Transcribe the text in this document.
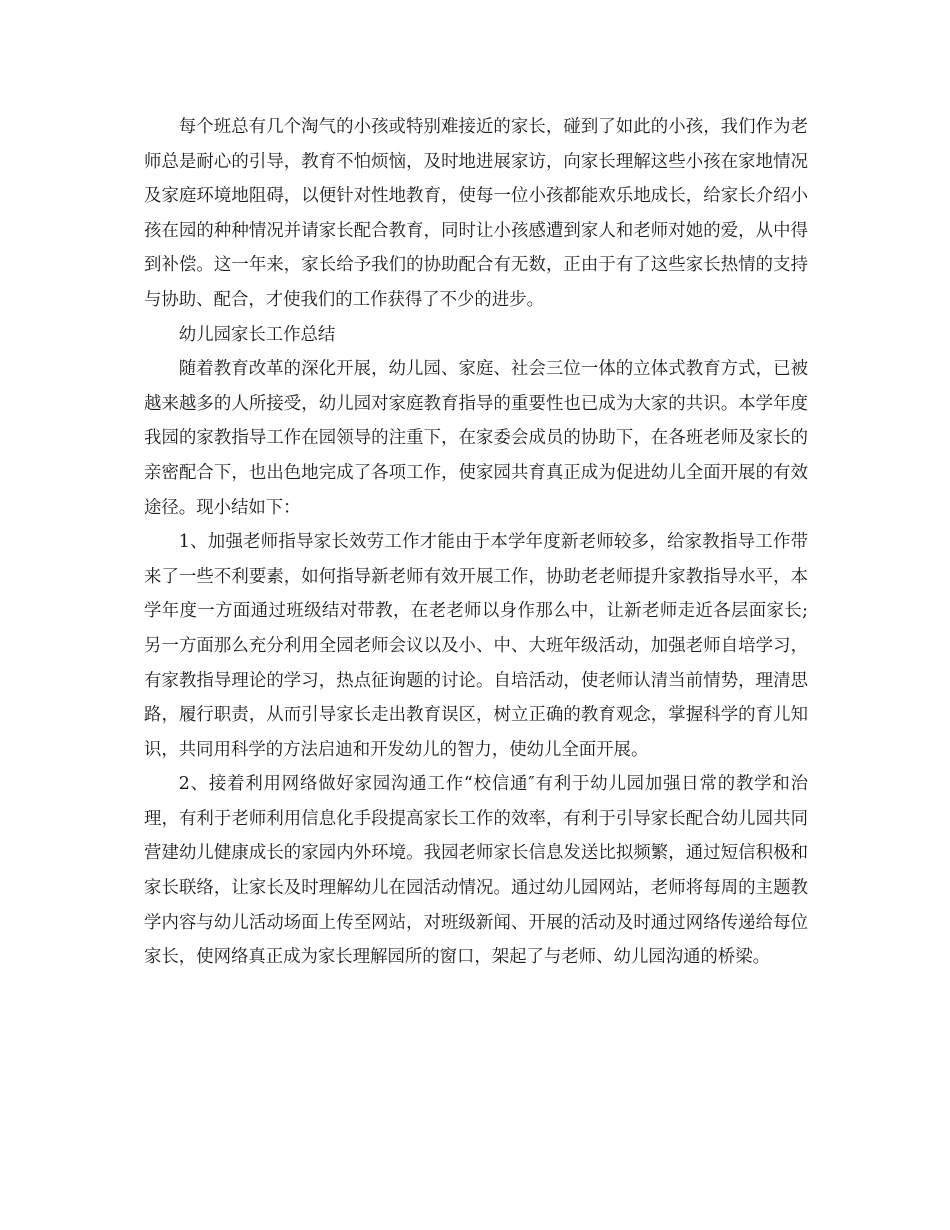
每个班总有几个淘气的小孩或特别难接近的家长，碰到了如此的小孩，我们作为老师总是耐心的引导，教育不怕烦恼，及时地进展家访，向家长理解这些小孩在家地情况及家庭环境地阻碍，以便针对性地教育，使每一位小孩都能欢乐地成长，给家长介绍小孩在园的种种情况并请家长配合教育，同时让小孩感遭到家人和老师对她的爱，从中得到补偿。这一年来，家长给予我们的协助配合有无数，正由于有了这些家长热情的支持与协助、配合，才使我们的工作获得了不少的进步。

幼儿园家长工作总结

随着教育改革的深化开展，幼儿园、家庭、社会三位一体的立体式教育方式，已被越来越多的人所接受，幼儿园对家庭教育指导的重要性也已成为大家的共识。本学年度我园的家教指导工作在园领导的注重下，在家委会成员的协助下，在各班老师及家长的亲密配合下，也出色地完成了各项工作，使家园共育真正成为促进幼儿全面开展的有效途径。现小结如下：

1、加强老师指导家长效劳工作才能由于本学年度新老师较多，给家教指导工作带来了一些不利要素，如何指导新老师有效开展工作，协助老老师提升家教指导水平，本学年度一方面通过班级结对带教，在老老师以身作那么中，让新老师走近各层面家长;另一方面那么充分利用全园老师会议以及小、中、大班年级活动，加强老师自培学习，有家教指导理论的学习，热点征询题的讨论。自培活动，使老师认清当前情势，理清思路，履行职责，从而引导家长走出教育误区，树立正确的教育观念，掌握科学的育儿知识，共同用科学的方法启迪和开发幼儿的智力，使幼儿全面开展。

2、接着利用网络做好家园沟通工作“校信通″有利于幼儿园加强日常的教学和治理，有利于老师利用信息化手段提高家长工作的效率，有利于引导家长配合幼儿园共同营建幼儿健康成长的家园内外环境。我园老师家长信息发送比拟频繁，通过短信积极和家长联络，让家长及时理解幼儿在园活动情况。通过幼儿园网站，老师将每周的主题教学内容与幼儿活动场面上传至网站，对班级新闻、开展的活动及时通过网络传递给每位家长，使网络真正成为家长理解园所的窗口，架起了与老师、幼儿园沟通的桥梁。
